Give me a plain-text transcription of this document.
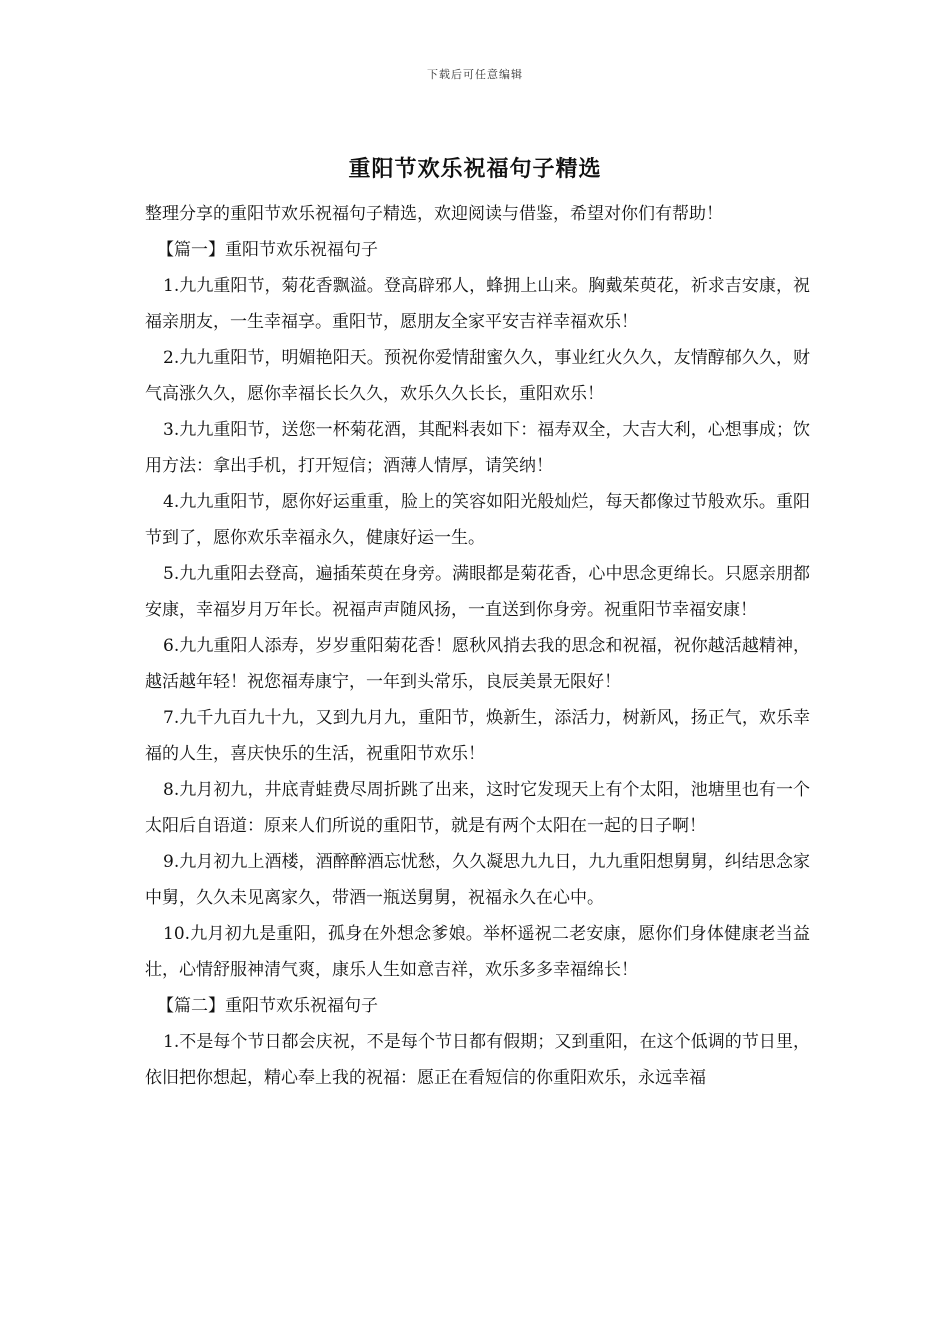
下载后可任意编辑
重阳节欢乐祝福句子精选

整理分享的重阳节欢乐祝福句子精选，欢迎阅读与借鉴，希望对你们有帮助！

【篇一】重阳节欢乐祝福句子

1.九九重阳节，菊花香飘溢。登高辟邪人，蜂拥上山来。胸戴茱萸花，祈求吉安康，祝福亲朋友，一生幸福享。重阳节，愿朋友全家平安吉祥幸福欢乐！

2.九九重阳节，明媚艳阳天。预祝你爱情甜蜜久久，事业红火久久，友情醇郁久久，财气高涨久久，愿你幸福长长久久，欢乐久久长长，重阳欢乐！

3.九九重阳节，送您一杯菊花酒，其配料表如下：福寿双全，大吉大利，心想事成；饮用方法：拿出手机，打开短信；酒薄人情厚，请笑纳！

4.九九重阳节，愿你好运重重，脸上的笑容如阳光般灿烂，每天都像过节般欢乐。重阳节到了，愿你欢乐幸福永久，健康好运一生。

5.九九重阳去登高，遍插茱萸在身旁。满眼都是菊花香，心中思念更绵长。只愿亲朋都安康，幸福岁月万年长。祝福声声随风扬，一直送到你身旁。祝重阳节幸福安康！

6.九九重阳人添寿，岁岁重阳菊花香！愿秋风捎去我的思念和祝福，祝你越活越精神，越活越年轻！祝您福寿康宁，一年到头常乐，良辰美景无限好！

7.九千九百九十九，又到九月九，重阳节，焕新生，添活力，树新风，扬正气，欢乐幸福的人生，喜庆快乐的生活，祝重阳节欢乐！

8.九月初九，井底青蛙费尽周折跳了出来，这时它发现天上有个太阳，池塘里也有一个太阳后自语道：原来人们所说的重阳节，就是有两个太阳在一起的日子啊！

9.九月初九上酒楼，酒醉醉酒忘忧愁，久久凝思九九日，九九重阳想舅舅，纠结思念家中舅，久久未见离家久，带酒一瓶送舅舅，祝福永久在心中。

10.九月初九是重阳，孤身在外想念爹娘。举杯遥祝二老安康，愿你们身体健康老当益壮，心情舒服神清气爽，康乐人生如意吉祥，欢乐多多幸福绵长！

【篇二】重阳节欢乐祝福句子

1.不是每个节日都会庆祝，不是每个节日都有假期；又到重阳，在这个低调的节日里，依旧把你想起，精心奉上我的祝福：愿正在看短信的你重阳欢乐，永远幸福
